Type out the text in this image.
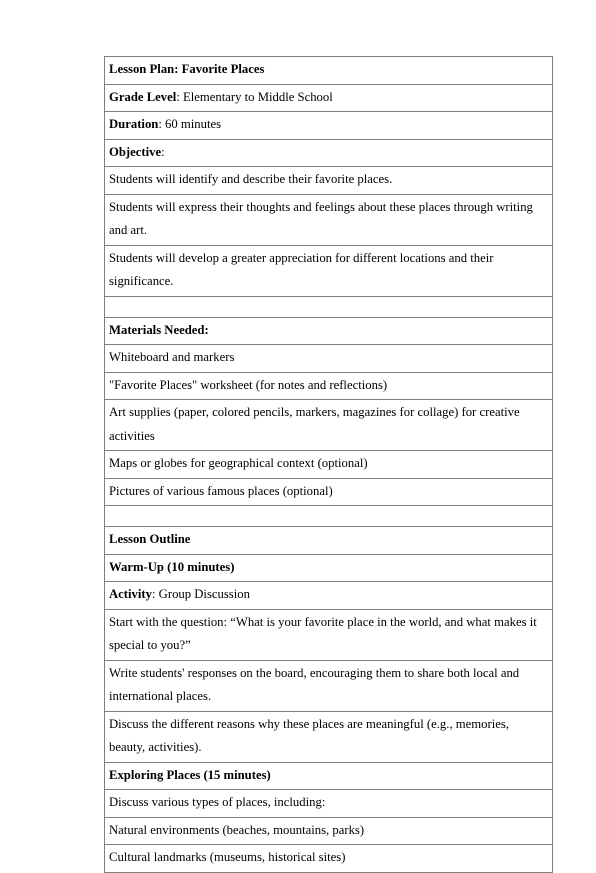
Lesson Plan: Favorite Places
Grade Level: Elementary to Middle School
Duration: 60 minutes
Objective:
Students will identify and describe their favorite places.
Students will express their thoughts and feelings about these places through writing and art.
Students will develop a greater appreciation for different locations and their significance.

Materials Needed:
Whiteboard and markers
"Favorite Places" worksheet (for notes and reflections)
Art supplies (paper, colored pencils, markers, magazines for collage) for creative activities
Maps or globes for geographical context (optional)
Pictures of various famous places (optional)

Lesson Outline
Warm-Up (10 minutes)
Activity: Group Discussion
Start with the question: “What is your favorite place in the world, and what makes it special to you?”
Write students' responses on the board, encouraging them to share both local and international places.
Discuss the different reasons why these places are meaningful (e.g., memories, beauty, activities).
Exploring Places (15 minutes)
Discuss various types of places, including:
Natural environments (beaches, mountains, parks)
Cultural landmarks (museums, historical sites)
